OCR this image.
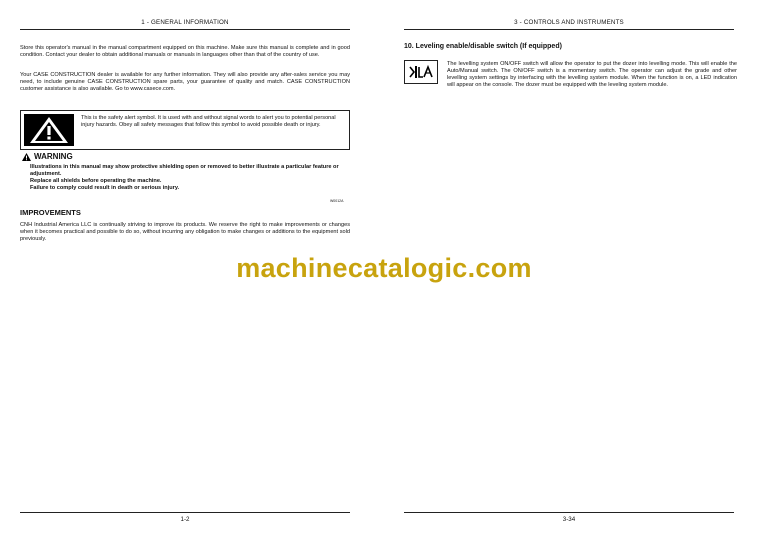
1 - GENERAL INFORMATION

Store this operator's manual in the manual compartment equipped on this machine. Make sure this manual is complete and in good condition. Contact your dealer to obtain additional manuals or manuals in languages other than that of the country of use.

Your CASE CONSTRUCTION dealer is available for any further information. They will also provide any after-sales service you may need, to include genuine CASE CONSTRUCTION spare parts, your guarantee of quality and match. CASE CONSTRUCTION customer assistance is also available. Go to www.casece.com.

This is the safety alert symbol. It is used with and without signal words to alert you to potential personal injury hazards. Obey all safety messages that follow this symbol to avoid possible death or injury.
WARNING
Illustrations in this manual may show protective shielding open or removed to better illustrate a particular feature or adjustment.
Replace all shields before operating the machine.
Failure to comply could result in death or serious injury.
W0012A
IMPROVEMENTS

CNH Industrial America LLC is continually striving to improve its products. We reserve the right to make improvements or changes when it becomes practical and possible to do so, without incurring any obligation to make changes or additions to the equipment sold previously.

1-2
3 - CONTROLS AND INSTRUMENTS
10. Leveling enable/disable switch (If equipped)

The levelling system ON/OFF switch will allow the operator to put the dozer into levelling mode. This will enable the Auto/Manual switch. The ON/OFF switch is a momentary switch. The operator can adjust the grade and other levelling system settings by interfacing with the levelling system module. When the function is on, a LED indication will appear on the console. The dozer must be equipped with the leveling system module.

3-34
machinecatalogic.com
